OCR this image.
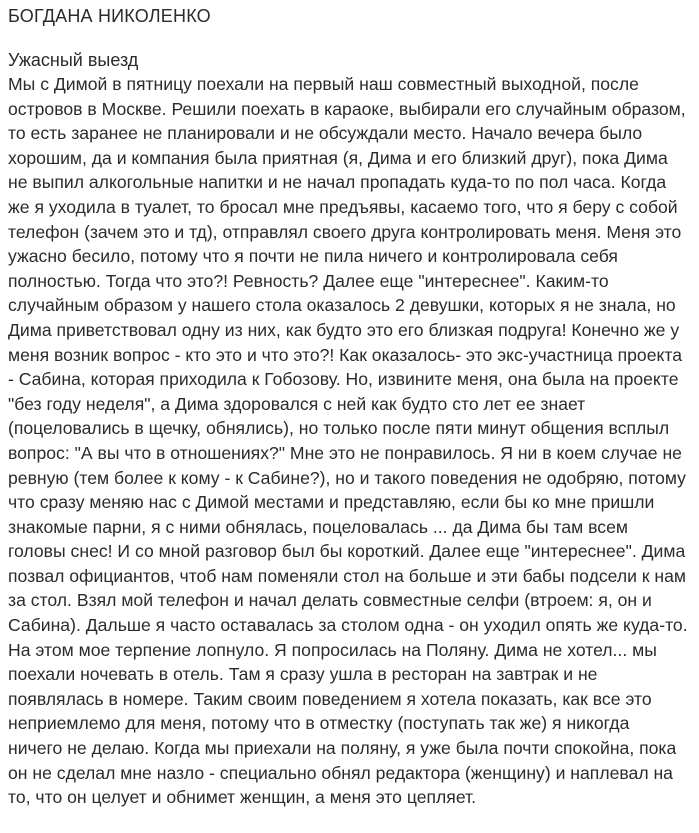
БОГДАНА НИКОЛЕНКО
Ужасный выезд
Мы с Димой в пятницу поехали на первый наш совместный выходной, после
островов в Москве. Решили поехать в караоке, выбирали его случайным образом,
то есть заранее не планировали и не обсуждали место. Начало вечера было
хорошим, да и компания была приятная (я, Дима и его близкий друг), пока Дима
не выпил алкогольные напитки и не начал пропадать куда-то по пол часа. Когда
же я уходила в туалет, то бросал мне предъявы, касаемо того, что я беру с собой
телефон (зачем это и тд), отправлял своего друга контролировать меня. Меня это
ужасно бесило, потому что я почти не пила ничего и контролировала себя
полностью. Тогда что это?! Ревность? Далее еще "интереснее". Каким-то
случайным образом у нашего стола оказалось 2 девушки, которых я не знала, но
Дима приветствовал одну из них, как будто это его близкая подруга! Конечно же у
меня возник вопрос - кто это и что это?! Как оказалось- это экс-участница проекта
- Сабина, которая приходила к Гобозову. Но, извините меня, она была на проекте
"без году неделя", а Дима здоровался с ней как будто сто лет ее знает
(поцеловались в щечку, обнялись), но только после пяти минут общения всплыл
вопрос: "А вы что в отношениях?" Мне это не понравилось. Я ни в коем случае не
ревную (тем более к кому - к Сабине?), но и такого поведения не одобряю, потому
что сразу меняю нас с Димой местами и представляю, если бы ко мне пришли
знакомые парни, я с ними обнялась, поцеловалась ... да Дима бы там всем
головы снес! И со мной разговор был бы короткий. Далее еще "интереснее". Дима
позвал официантов, чтоб нам поменяли стол на больше и эти бабы подсели к нам
за стол. Взял мой телефон и начал делать совместные селфи (втроем: я, он и
Сабина). Дальше я часто оставалась за столом одна - он уходил опять же куда-то.
На этом мое терпение лопнуло. Я попросилась на Поляну. Дима не хотел... мы
поехали ночевать в отель. Там я сразу ушла в ресторан на завтрак и не
появлялась в номере. Таким своим поведением я хотела показать, как все это
неприемлемо для меня, потому что в отместку (поступать так же) я никогда
ничего не делаю. Когда мы приехали на поляну, я уже была почти спокойна, пока
он не сделал мне назло - специально обнял редактора (женщину) и наплевал на
то, что он целует и обнимет женщин, а меня это цепляет.
